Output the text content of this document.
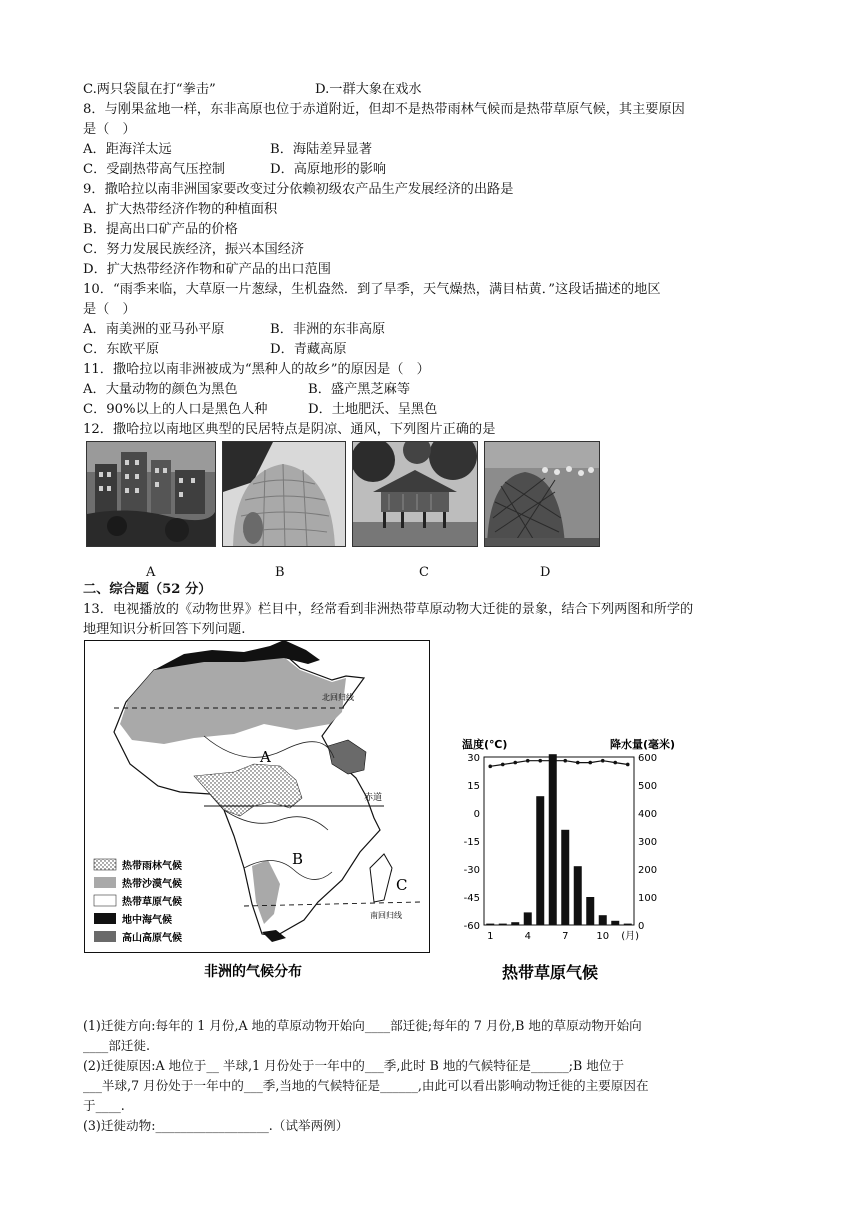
C.两只袋鼠在打“拳击”	D.一群大象在戏水
8．与刚果盆地一样，东非高原也位于赤道附近，但却不是热带雨林气候而是热带草原气候，其主要原因
是（　）
A．距海洋太远	B．海陆差异显著
C．受副热带高气压控制	D．高原地形的影响
9．撒哈拉以南非洲国家要改变过分依赖初级农产品生产发展经济的出路是
A．扩大热带经济作物的种植面积
B．提高出口矿产品的价格
C．努力发展民族经济，振兴本国经济
D．扩大热带经济作物和矿产品的出口范围
10．“雨季来临，大草原一片葱绿，生机盎然．到了旱季，天气燥热，满目枯黄．”这段话描述的地区
是（　）
A．南美洲的亚马孙平原	B．非洲的东非高原
C．东欧平原	D．青藏高原
11．撒哈拉以南非洲被成为“黑种人的故乡”的原因是（　）
A．大量动物的颜色为黑色	B．盛产黑芝麻等
C．90%以上的人口是黑色人种	D．土地肥沃、呈黑色
12．撒哈拉以南地区典型的民居特点是阴凉、通风，下列图片正确的是
A	B	C	D
二、综合题（52 分）
13．电视播放的《动物世界》栏目中，经常看到非洲热带草原动物大迁徙的景象，结合下列两图和所学的
地理知识分析回答下列问题.
北回归线
赤道
南回归线
A
B
C
热带雨林气候
热带沙漠气候
热带草原气候
地中海气候
高山高原气候
非洲的气候分布
温度(℃)	降水量(毫米)
30
15
0
-15
-30
-45
-60
600
500
400
300
200
100
0
1	4	7	10 (月)
热带草原气候
(1)迁徙方向:每年的 1 月份,A 地的草原动物开始向____部迁徙;每年的 7 月份,B 地的草原动物开始向
____部迁徙.
(2)迁徙原因:A 地位于__ 半球,1 月份处于一年中的___季,此时 B 地的气候特征是______;B 地位于
___半球,7 月份处于一年中的___季,当地的气候特征是______,由此可以看出影响动物迁徙的主要原因在
于____.
(3)迁徙动物:__________________.（试举两例）
